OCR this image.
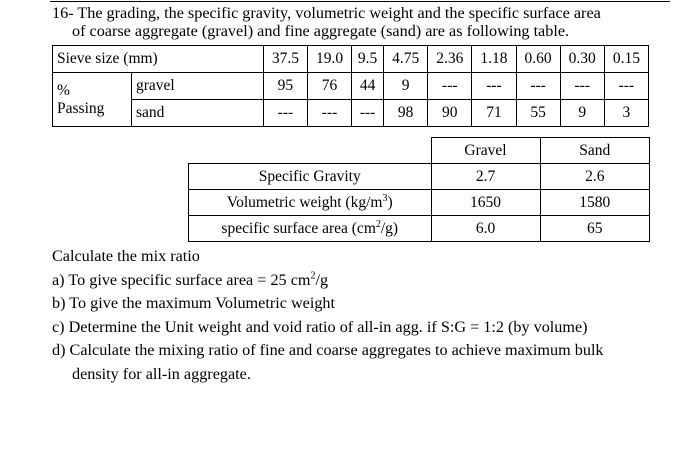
16- The grading, the specific gravity, volumetric weight and the specific surface area
of coarse aggregate (gravel) and fine aggregate (sand) are as following table.
Sieve size (mm)		37.5	19.0	9.5	4.75	2.36	1.18	0.60	0.30	0.15

%
Passing	gravel	95	76	44	9	---	---	---	---	---
	sand	---	---	---	98	90	71	55	9	3
	Gravel	Sand
Specific Gravity	2.7	2.6
Volumetric weight $(kg/m^3)$	1650	1580
specific surface area $(cm^2/g)$	6.0	65
Calculate the mix ratio
a) To give specific surface area = 25 $cm^2/g$
b) To give the maximum Volumetric weight
c) Determine the Unit weight and void ratio of all-in agg. if S:G = 1:2 (by volume)
d) Calculate the mixing ratio of fine and coarse aggregates to achieve maximum bulk
density for all-in aggregate.
